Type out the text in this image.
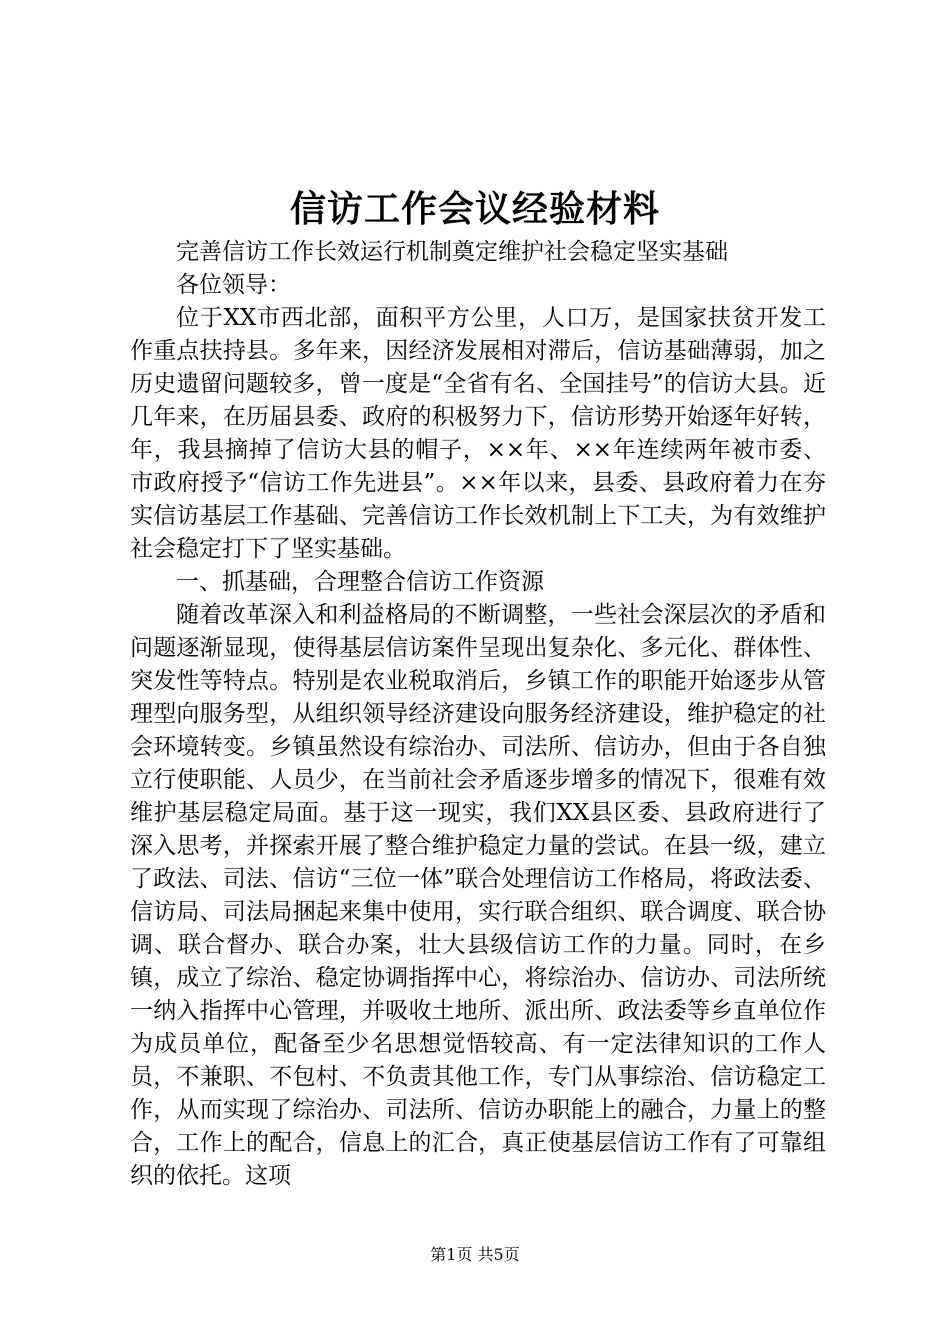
信访工作会议经验材料

完善信访工作长效运行机制奠定维护社会稳定坚实基础

各位领导：

位于XX市西北部，面积平方公里，人口万，是国家扶贫开发工作重点扶持县。多年来，因经济发展相对滞后，信访基础薄弱，加之历史遗留问题较多，曾一度是“全省有名、全国挂号”的信访大县。近几年来，在历届县委、政府的积极努力下，信访形势开始逐年好转，年，我县摘掉了信访大县的帽子，××年、××年连续两年被市委、市政府授予“信访工作先进县”。××年以来，县委、县政府着力在夯实信访基层工作基础、完善信访工作长效机制上下工夫，为有效维护社会稳定打下了坚实基础。

一、抓基础，合理整合信访工作资源

随着改革深入和利益格局的不断调整，一些社会深层次的矛盾和问题逐渐显现，使得基层信访案件呈现出复杂化、多元化、群体性、突发性等特点。特别是农业税取消后，乡镇工作的职能开始逐步从管理型向服务型，从组织领导经济建设向服务经济建设，维护稳定的社会环境转变。乡镇虽然设有综治办、司法所、信访办，但由于各自独立行使职能、人员少，在当前社会矛盾逐步增多的情况下，很难有效维护基层稳定局面。基于这一现实，我们XX县区委、县政府进行了深入思考，并探索开展了整合维护稳定力量的尝试。在县一级，建立了政法、司法、信访“三位一体”联合处理信访工作格局，将政法委、信访局、司法局捆起来集中使用，实行联合组织、联合调度、联合协调、联合督办、联合办案，壮大县级信访工作的力量。同时，在乡镇，成立了综治、稳定协调指挥中心，将综治办、信访办、司法所统一纳入指挥中心管理，并吸收土地所、派出所、政法委等乡直单位作为成员单位，配备至少名思想觉悟较高、有一定法律知识的工作人员，不兼职、不包村、不负责其他工作，专门从事综治、信访稳定工作，从而实现了综治办、司法所、信访办职能上的融合，力量上的整合，工作上的配合，信息上的汇合，真正使基层信访工作有了可靠组织的依托。这项

第1页 共5页
